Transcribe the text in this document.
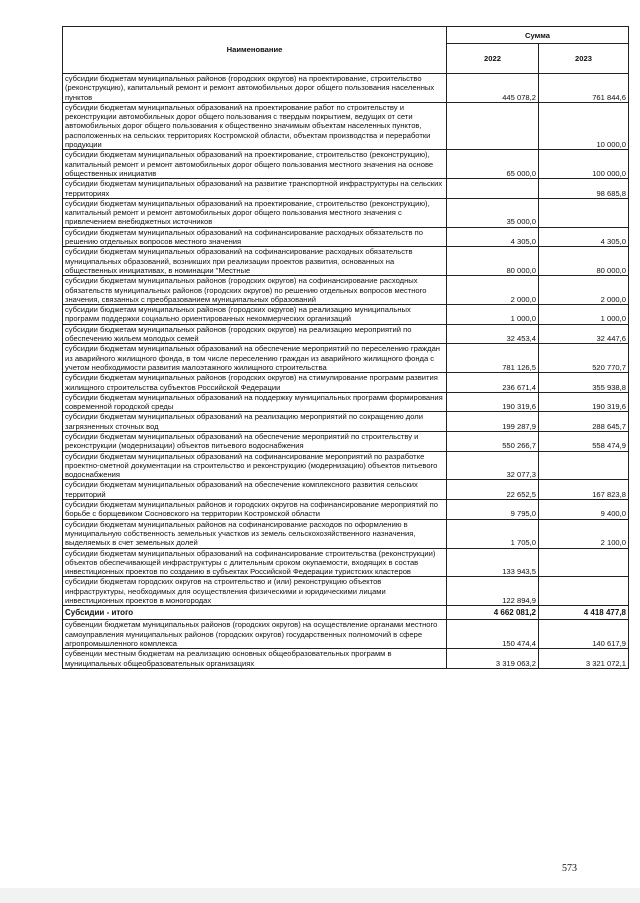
Наименование	Сумма	
	2022	2023
субсидии бюджетам муниципальных районов (городских округов) на проектирование, строительство (реконструкцию), капитальный ремонт и ремонт автомобильных дорог общего пользования населенных пунктов	445 078,2	761 844,6
субсидии бюджетам муниципальных образований на проектирование работ по строительству и реконструкции автомобильных дорог общего пользования с твердым покрытием, ведущих от сети автомобильных дорог общего пользования к общественно значимым объектам населенных пунктов, расположенных на сельских территориях Костромской области, объектам производства и переработки продукции		10 000,0
субсидии бюджетам муниципальных образований на проектирование, строительство (реконструкцию), капитальный ремонт и ремонт автомобильных дорог общего пользования местного значения на основе общественных инициатив	65 000,0	100 000,0
субсидии бюджетам муниципальных образований на развитие транспортной инфраструктуры на сельских территориях		98 685,8
субсидии бюджетам муниципальных образований на проектирование, строительство (реконструкцию), капитальный ремонт и ремонт автомобильных дорог общего пользования местного значения с привлечением внебюджетных источников	35 000,0	
субсидии бюджетам муниципальных образований на софинансирование расходных обязательств по решению отдельных вопросов местного значения	4 305,0	4 305,0
субсидии бюджетам муниципальных образований на софинансирование расходных обязательств муниципальных образований, возникших при реализации проектов развития, основанных на общественных инициативах, в номинации "Местные	80 000,0	80 000,0
субсидии бюджетам муниципальных районов (городских округов) на софинансирование расходных обязательств муниципальных районов (городских округов) по решению отдельных вопросов местного значения, связанных с преобразованием муниципальных образований	2 000,0	2 000,0
субсидии бюджетам муниципальных районов (городских округов) на реализацию муниципальных программ поддержки социально ориентированных некоммерческих организаций	1 000,0	1 000,0
субсидии бюджетам муниципальных районов (городских округов) на реализацию мероприятий по обеспечению жильем молодых семей	32 453,4	32 447,6
субсидии бюджетам муниципальных образований на обеспечение мероприятий по переселению граждан из аварийного жилищного фонда, в том числе переселению граждан из аварийного жилищного фонда с учетом необходимости развития малоэтажного жилищного строительства	781 126,5	520 770,7
субсидии бюджетам муниципальных районов (городских округов) на стимулирование программ развития жилищного строительства субъектов Российской Федерации	236 671,4	355 938,8
субсидии бюджетам муниципальных образований на поддержку муниципальных программ формирования современной городской среды	190 319,6	190 319,6
субсидии бюджетам муниципальных образований на реализацию мероприятий по сокращению доли загрязненных сточных вод	199 287,9	288 645,7
субсидии бюджетам муниципальных образований на обеспечение мероприятий по строительству и реконструкции (модернизации) объектов питьевого водоснабжения	550 266,7	558 474,9
субсидии бюджетам муниципальных образований на софинансирование мероприятий по разработке проектно-сметной документации на строительство и реконструкцию (модернизацию) объектов питьевого водоснабжения	32 077,3	
субсидии бюджетам муниципальных образований на обеспечение комплексного развития сельских территорий	22 652,5	167 823,8
субсидии бюджетам муниципальных районов и городских округов на софинансирование мероприятий по борьбе с борщевиком Сосновского на территории Костромской области	9 795,0	9 400,0
субсидии бюджетам муниципальных районов на софинансирование расходов по оформлению в муниципальную собственность земельных участков из земель сельскохозяйственного назначения, выделяемых в счет земельных долей	1 705,0	2 100,0
субсидии бюджетам муниципальных образований на софинансирование строительства (реконструкции) объектов обеспечивающей инфраструктуры с длительным сроком окупаемости, входящих в состав инвестиционных проектов по созданию в субъектах Российской Федерации туристских кластеров	133 943,5	
субсидии бюджетам городских округов на строительство и (или) реконструкцию объектов инфраструктуры, необходимых для осуществления физическими и юридическими лицами инвестиционных проектов в моногородах	122 894,9	
Субсидии - итого	4 662 081,2	4 418 477,8
субвенции бюджетам муниципальных районов (городских округов) на осуществление органами местного самоуправления муниципальных районов (городских округов) государственных полномочий в сфере агропромышленного комплекса	150 474,4	140 617,9
субвенции местным бюджетам на реализацию основных общеобразовательных программ в муниципальных общеобразовательных организациях	3 319 063,2	3 321 072,1
573
